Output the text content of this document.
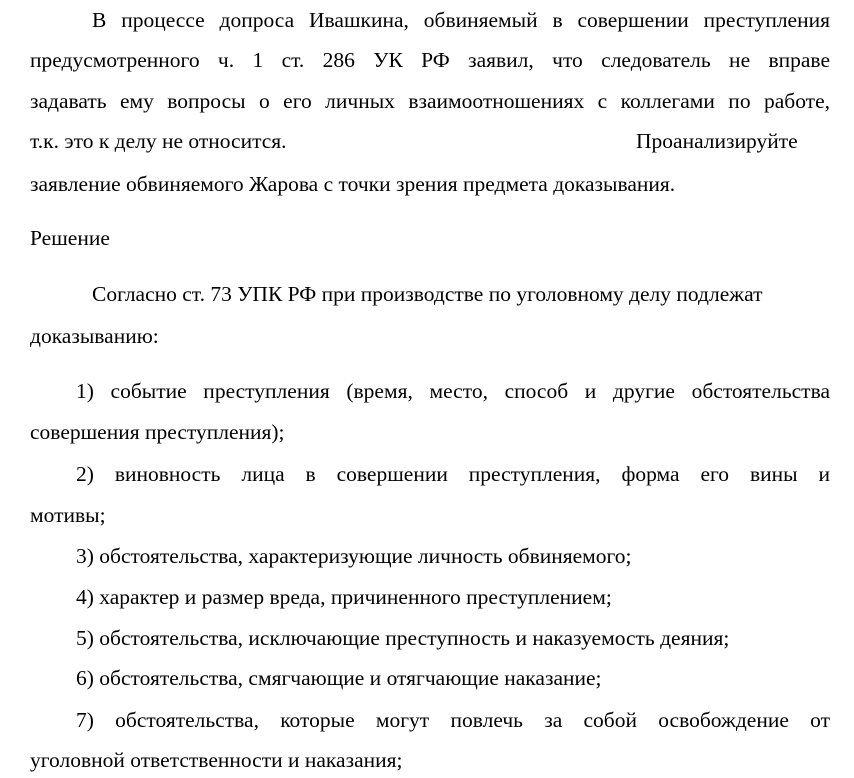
В процессе допроса Ивашкина, обвиняемый в совершении преступления
предусмотренного ч. 1 ст. 286 УК РФ заявил, что следователь не вправе
задавать ему вопросы о его личных взаимоотношениях с коллегами по работе,
т.к. это к делу не относится.	Проанализируйте
заявление обвиняемого Жарова с точки зрения предмета доказывания.
Решение
Согласно ст. 73 УПК РФ при производстве по уголовному делу подлежат
доказыванию:
1) событие преступления (время, место, способ и другие обстоятельства
совершения преступления);
2) виновность лица в совершении преступления, форма его вины и
мотивы;
3) обстоятельства, характеризующие личность обвиняемого;
4) характер и размер вреда, причиненного преступлением;
5) обстоятельства, исключающие преступность и наказуемость деяния;
6) обстоятельства, смягчающие и отягчающие наказание;
7) обстоятельства, которые могут повлечь за собой освобождение от
уголовной ответственности и наказания;
